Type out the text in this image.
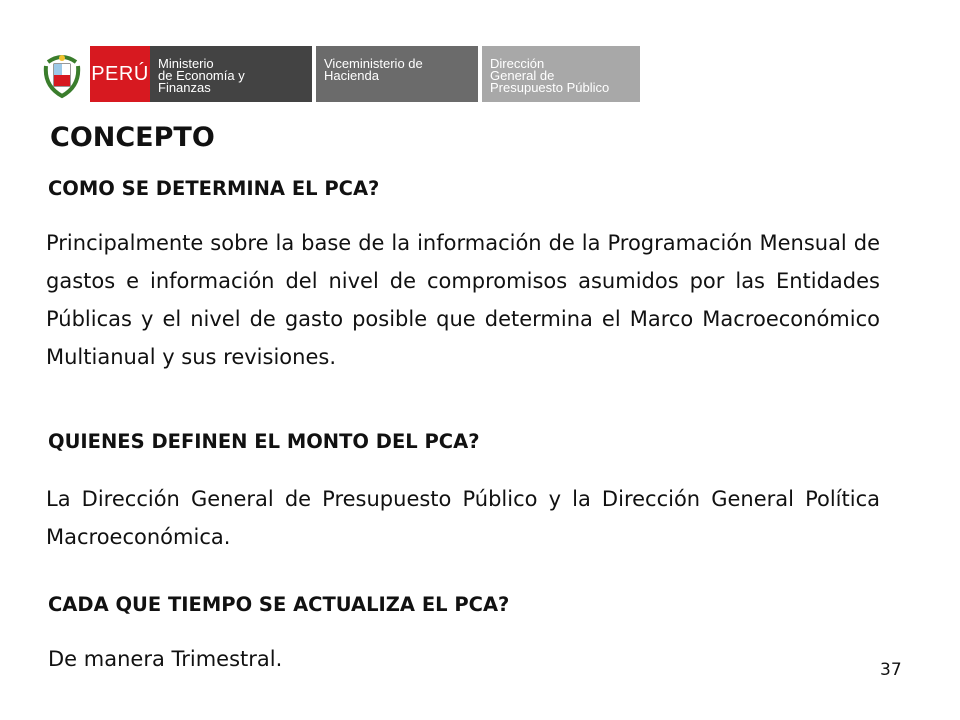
PERÚ Ministerio
de Economía y
Finanzas
Viceministerio de
Hacienda
Dirección
General de
Presupuesto Público
CONCEPTO
COMO SE DETERMINA EL PCA?
Principalmente sobre la base de la información de la Programación Mensual de gastos e información del nivel de compromisos asumidos por las Entidades Públicas y el nivel de gasto posible que determina el Marco Macroeconómico Multianual y sus revisiones.
QUIENES DEFINEN EL MONTO DEL PCA?
La Dirección General de Presupuesto Público y la Dirección General Política Macroeconómica.
CADA QUE TIEMPO SE ACTUALIZA EL PCA?
De manera Trimestral.	37
